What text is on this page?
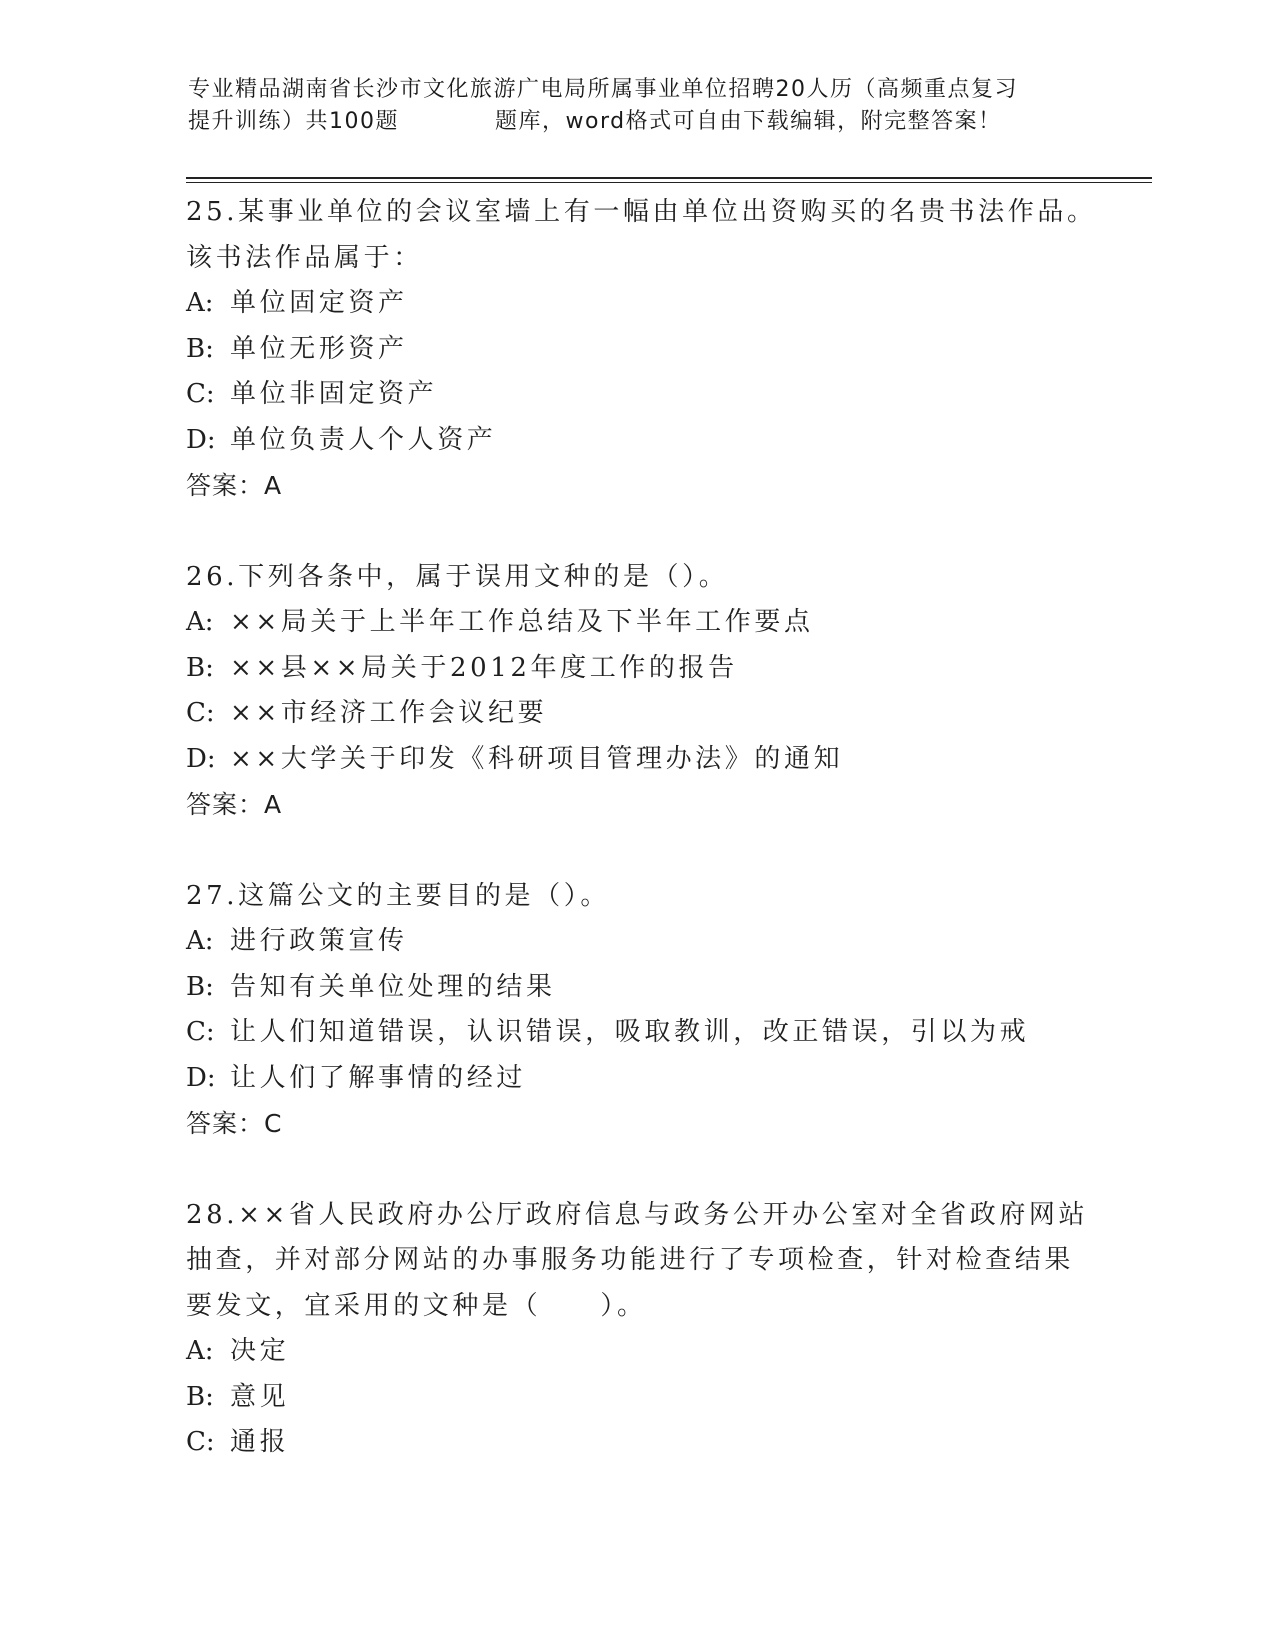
专业精品湖南省长沙市文化旅游广电局所属事业单位招聘20人历（高频重点复习
提升训练）共100题	题库，word格式可自由下载编辑，附完整答案！
25.某事业单位的会议室墙上有一幅由单位出资购买的名贵书法作品。
该书法作品属于：
A: 单位固定资产
B: 单位无形资产
C: 单位非固定资产
D: 单位负责人个人资产
答案：A
26.下列各条中，属于误用文种的是（）。
A: ××局关于上半年工作总结及下半年工作要点
B: ××县××局关于2012年度工作的报告
C: ××市经济工作会议纪要
D: ××大学关于印发《科研项目管理办法》的通知
答案：A
27.这篇公文的主要目的是（）。
A: 进行政策宣传
B: 告知有关单位处理的结果
C: 让人们知道错误，认识错误，吸取教训，改正错误，引以为戒
D: 让人们了解事情的经过
答案：C
28.××省人民政府办公厅政府信息与政务公开办公室对全省政府网站
抽查，并对部分网站的办事服务功能进行了专项检查，针对检查结果
要发文，宜采用的文种是（　　）。
A: 决定
B: 意见
C: 通报
